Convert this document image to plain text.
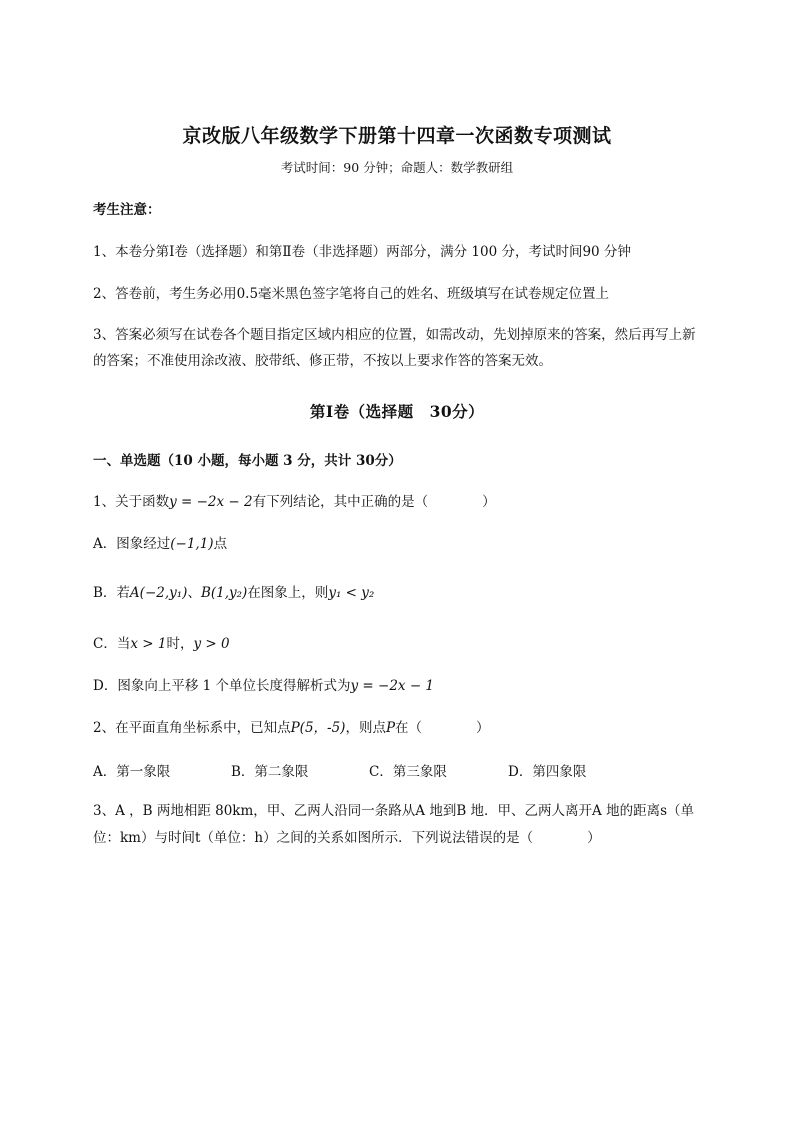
京改版八年级数学下册第十四章一次函数专项测试
考试时间：90 分钟；命题人：数学教研组
考生注意：
1、本卷分第Ⅰ卷（选择题）和第Ⅱ卷（非选择题）两部分，满分 100 分，考试时间90 分钟
2、答卷前，考生务必用0.5毫米黑色签字笔将自己的姓名、班级填写在试卷规定位置上
3、答案必须写在试卷各个题目指定区域内相应的位置，如需改动，先划掉原来的答案，然后再写上新
的答案；不准使用涂改液、胶带纸、修正带，不按以上要求作答的答案无效。
第Ⅰ卷（选择题　30分）
一、单选题（10 小题，每小题 3 分，共计 30分）
1、关于函数y = −2x − 2有下列结论，其中正确的是（　　　　）
A．图象经过(−1,1)点
B．若A(−2,y₁)、B(1,y₂)在图象上，则y₁ < y₂
C．当x > 1时，y > 0
D．图象向上平移 1 个单位长度得解析式为y = −2x − 1
2、在平面直角坐标系中，已知点P(5，-5)，则点P在（　　　　）
A．第一象限	B．第二象限	C．第三象限	D．第四象限
3、A ，B 两地相距 80km，甲、乙两人沿同一条路从A 地到B 地．甲、乙两人离开A 地的距离s（单
位：km）与时间t（单位：h）之间的关系如图所示．下列说法错误的是（　　　　）
